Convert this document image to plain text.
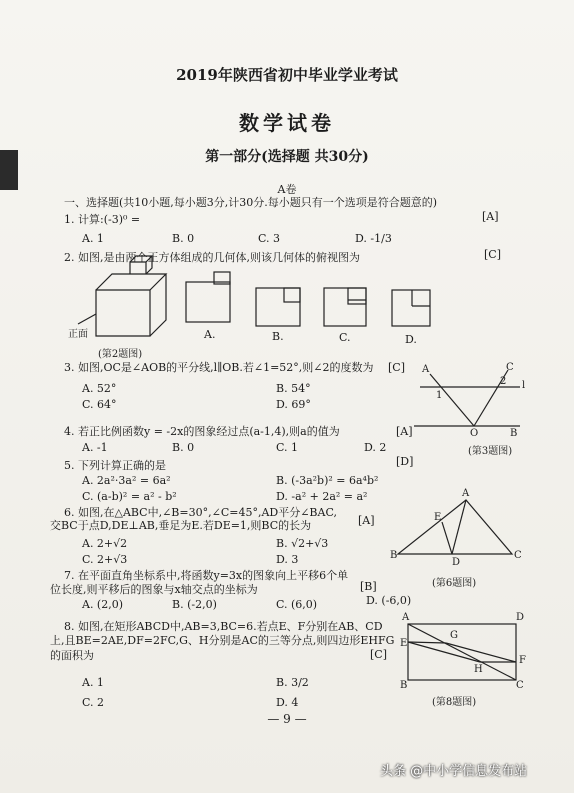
2019年陕西省初中毕业学业考试
数学试卷
第一部分(选择题 共30分)
A卷
一、选择题(共10小题,每小题3分,计30分.每小题只有一个选项是符合题意的)
1. 计算:(-3)⁰ =	[A]
A. 1	B. 0	C. 3	D. -1/3
2. 如图,是由两个正方体组成的几何体,则该几何体的俯视图为	[C]
正面	A.	B.	C.	D.
(第2题图)
3. 如图,OC是∠AOB的平分线,l∥OB.若∠1=52°,则∠2的度数为 [C]
A. 52°	B. 54°
C. 64°	D. 69°
(第3题图)
4. 若正比例函数y = -2x的图象经过点(a-1,4),则a的值为	[A]
A. -1	B. 0	C. 1	D. 2
5. 下列计算正确的是	[D]
A. 2a²·3a² = 6a²	B. (-3a²b)² = 6a⁴b²
C. (a-b)² = a² - b²	D. -a² + 2a² = a²
6. 如图,在△ABC中,∠B=30°,∠C=45°,AD平分∠BAC,
交BC于点D,DE⊥AB,垂足为E.若DE=1,则BC的长为	[A]
A. 2+√2	B. √2+√3
C. 2+√3	D. 3
(第6题图)
7. 在平面直角坐标系中,将函数y=3x的图象向上平移6个单
位长度,则平移后的图象与x轴交点的坐标为	[B]
A. (2,0)	B. (-2,0)	C. (6,0)	D. (-6,0)
8. 如图,在矩形ABCD中,AB=3,BC=6.若点E、F分别在AB、CD
上,且BE=2AE,DF=2FC,G、H分别是AC的三等分点,则四边形EHFG
的面积为	[C]
A. 1	B. 3/2
C. 2	D. 4	(第8题图)
A	C
l
1
2
O	B
A
E
B
D
C
A	D
G
E
F
H
B	C
— 9 —
头条 @中小学信息发布站
